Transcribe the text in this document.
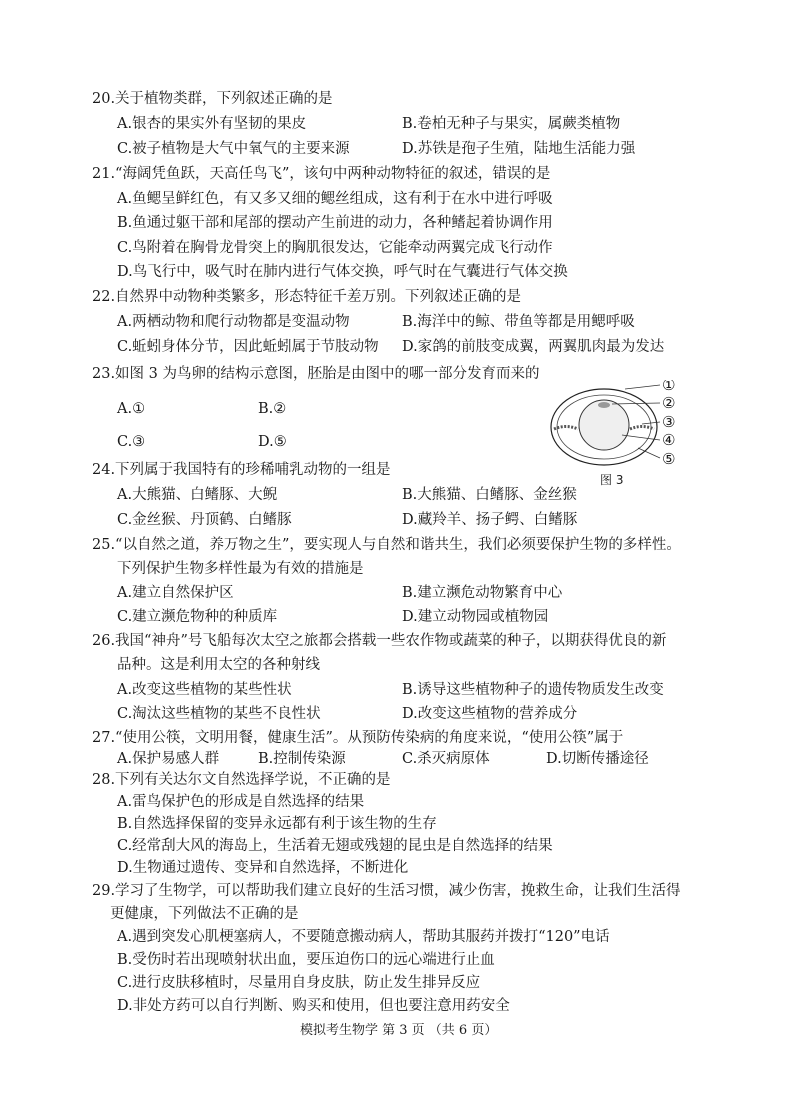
20.关于植物类群，下列叙述正确的是
A.银杏的果实外有坚韧的果皮	B.卷柏无种子与果实，属蕨类植物
C.被子植物是大气中氧气的主要来源	D.苏铁是孢子生殖，陆地生活能力强
21.“海阔凭鱼跃，天高任鸟飞”，该句中两种动物特征的叙述，错误的是
A.鱼鳃呈鲜红色，有又多又细的鳃丝组成，这有利于在水中进行呼吸
B.鱼通过躯干部和尾部的摆动产生前进的动力，各种鳍起着协调作用
C.鸟附着在胸骨龙骨突上的胸肌很发达，它能牵动两翼完成飞行动作
D.鸟飞行中，吸气时在肺内进行气体交换，呼气时在气囊进行气体交换
22.自然界中动物种类繁多，形态特征千差万别。下列叙述正确的是
A.两栖动物和爬行动物都是变温动物	B.海洋中的鲸、带鱼等都是用鳃呼吸
C.蚯蚓身体分节，因此蚯蚓属于节肢动物 D.家鸽的前肢变成翼，两翼肌肉最为发达
23.如图 3 为鸟卵的结构示意图，胚胎是由图中的哪一部分发育而来的
A.①	B.②
C.③	D.⑤
①
②
③
④
⑤
图 3
24.下列属于我国特有的珍稀哺乳动物的一组是
A.大熊猫、白鳍豚、大鲵	B.大熊猫、白鳍豚、金丝猴
C.金丝猴、丹顶鹤、白鳍豚	D.藏羚羊、扬子鳄、白鳍豚
25.“以自然之道，养万物之生”，要实现人与自然和谐共生，我们必须要保护生物的多样性。
下列保护生物多样性最为有效的措施是
A.建立自然保护区	B.建立濒危动物繁育中心
C.建立濒危物种的种质库	D.建立动物园或植物园
26.我国“神舟”号飞船每次太空之旅都会搭载一些农作物或蔬菜的种子，以期获得优良的新
品种。这是利用太空的各种射线
A.改变这些植物的某些性状	B.诱导这些植物种子的遗传物质发生改变
C.淘汰这些植物的某些不良性状	D.改变这些植物的营养成分
27.“使用公筷，文明用餐，健康生活”。从预防传染病的角度来说，“使用公筷”属于
A.保护易感人群	B.控制传染源	C.杀灭病原体	D.切断传播途径
28.下列有关达尔文自然选择学说，不正确的是
A.雷鸟保护色的形成是自然选择的结果
B.自然选择保留的变异永远都有利于该生物的生存
C.经常刮大风的海岛上，生活着无翅或残翅的昆虫是自然选择的结果
D.生物通过遗传、变异和自然选择，不断进化
29.学习了生物学，可以帮助我们建立良好的生活习惯，减少伤害，挽救生命，让我们生活得
更健康，下列做法不正确的是
A.遇到突发心肌梗塞病人，不要随意搬动病人，帮助其服药并拨打“120”电话
B.受伤时若出现喷射状出血，要压迫伤口的远心端进行止血
C.进行皮肤移植时，尽量用自身皮肤，防止发生排异反应
D.非处方药可以自行判断、购买和使用，但也要注意用药安全
模拟考生物学 第 3 页 （共 6 页）
